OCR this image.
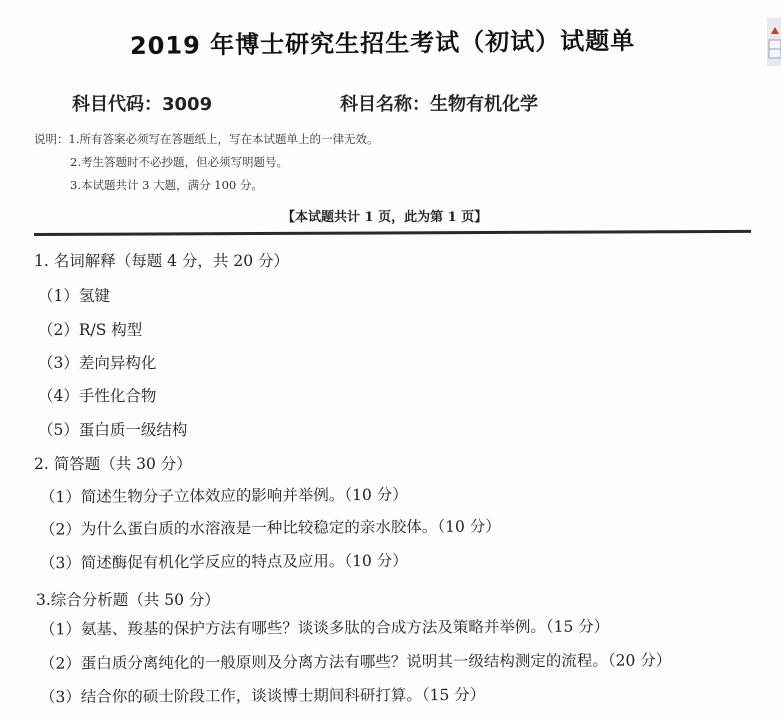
2019 年博士研究生招生考试（初试）试题单
科目代码：3009	科目名称：生物有机化学
说明：1.所有答案必须写在答题纸上，写在本试题单上的一律无效。
2.考生答题时不必抄题，但必须写明题号。
3.本试题共计 3 大题，满分 100 分。
【本试题共计 1 页，此为第 1 页】
1. 名词解释（每题 4 分，共 20 分）
（1）氢键
（2）R/S 构型
（3）差向异构化
（4）手性化合物
（5）蛋白质一级结构
2. 简答题（共 30 分）
（1）简述生物分子立体效应的影响并举例。（10 分）
（2）为什么蛋白质的水溶液是一种比较稳定的亲水胶体。（10 分）
（3）简述酶促有机化学反应的特点及应用。（10 分）
3.综合分析题（共 50 分）
（1）氨基、羧基的保护方法有哪些？谈谈多肽的合成方法及策略并举例。（15 分）
（2）蛋白质分离纯化的一般原则及分离方法有哪些？说明其一级结构测定的流程。（20 分）
（3）结合你的硕士阶段工作，谈谈博士期间科研打算。（15 分）
